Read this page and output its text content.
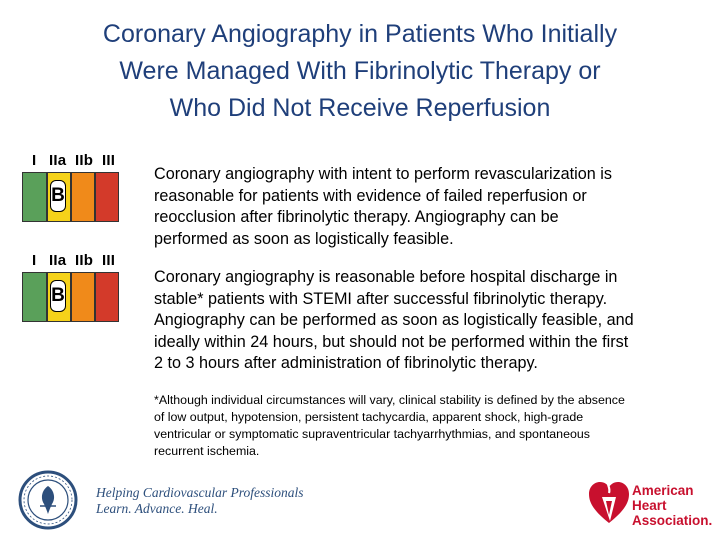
Coronary Angiography in Patients Who Initially
Were Managed With Fibrinolytic Therapy or
Who Did Not Receive Reperfusion
I IIa IIb III
B
I IIa IIb III
B
Coronary angiography with intent to perform revascularization is
reasonable for patients with evidence of failed reperfusion or
reocclusion after fibrinolytic therapy. Angiography can be
performed as soon as logistically feasible.
Coronary angiography is reasonable before hospital discharge in
stable* patients with STEMI after successful fibrinolytic therapy.
Angiography can be performed as soon as logistically feasible, and
ideally within 24 hours, but should not be performed within the first
2 to 3 hours after administration of fibrinolytic therapy.
*Although individual circumstances will vary, clinical stability is defined by the absence
of low output, hypotension, persistent tachycardia, apparent shock, high-grade
ventricular or symptomatic supraventricular tachyarrhythmias, and spontaneous
recurrent ischemia.
Helping Cardiovascular Professionals
Learn. Advance. Heal.
American
Heart
Association.
